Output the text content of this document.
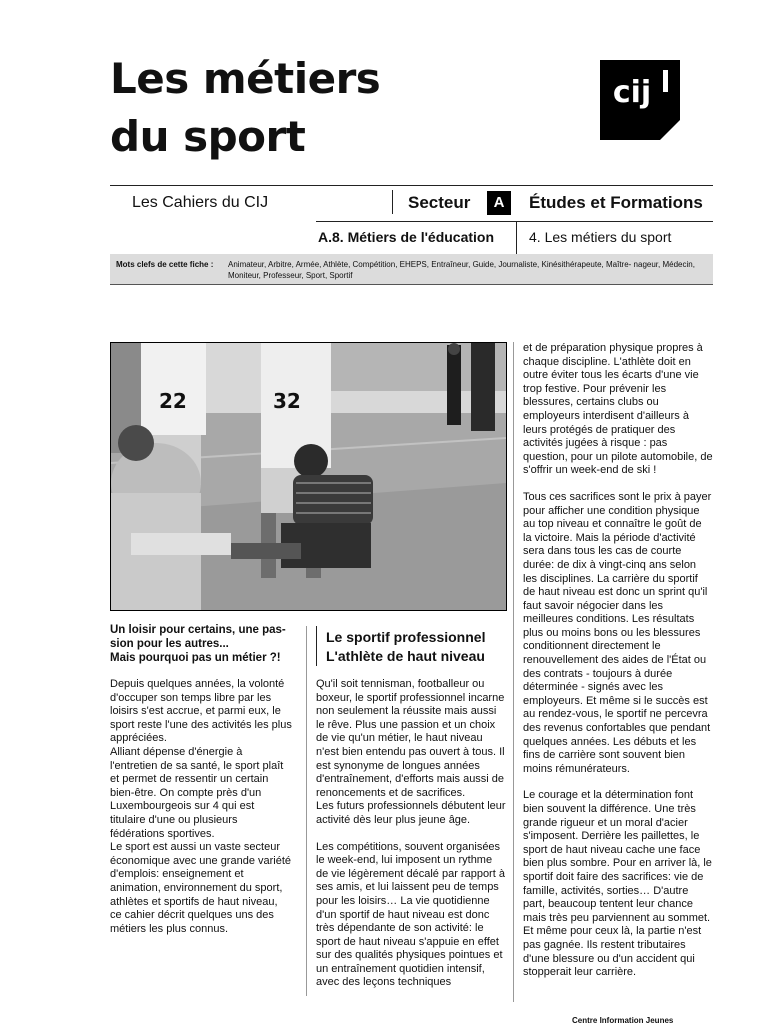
Les métiers
du sport
cij
Les Cahiers du CIJ	Secteur	A	Études et Formations
A.8. Métiers de l'éducation 4. Les métiers du sport
Mots clefs de cette fiche : Animateur, Arbitre, Armée, Athlète, Compétition, EHEPS, Entraîneur, Guide, Journaliste, Kinésithérapeute, Maître- nageur, Médecin, Moniteur, Professeur, Sport, Sportif
32
22

Un loisir pour certains, une pas-
sion pour les autres...
Mais pourquoi pas un métier ?!

Depuis quelques années, la volonté d'occuper son temps libre par les loisirs s'est accrue, et parmi eux, le sport reste l'une des activités les plus appréciées.

Alliant dépense d'énergie à l'entretien de sa santé, le sport plaît et permet de ressentir un certain bien-être. On compte près d'un Luxembourgeois sur 4 qui est titulaire d'une ou plusieurs fédérations sportives.

Le sport est aussi un vaste secteur économique avec une grande variété d'emplois: enseignement et animation, environnement du sport, athlètes et sportifs de haut niveau, ce cahier décrit quelques uns des métiers les plus connus.

Le sportif professionnel
L'athlète de haut niveau

Qu'il soit tennisman, footballeur ou boxeur, le sportif professionnel incarne non seulement la réussite mais aussi le rêve. Plus une passion et un choix de vie qu'un métier, le haut niveau n'est bien entendu pas ouvert à tous. Il est synonyme de longues années d'entraînement, d'efforts mais aussi de renoncements et de sacrifices.

Les futurs professionnels débutent leur activité dès leur plus jeune âge.

Les compétitions, souvent organisées le week-end, lui imposent un rythme de vie légèrement décalé par rapport à ses amis, et lui laissent peu de temps pour les loisirs… La vie quotidienne d'un sportif de haut niveau est donc très dépendante de son activité: le sport de haut niveau s'appuie en effet sur des qualités physiques pointues et un entraînement quotidien intensif, avec des leçons techniques

et de préparation physique propres à chaque discipline. L'athlète doit en outre éviter tous les écarts d'une vie trop festive. Pour prévenir les blessures, certains clubs ou employeurs interdisent d'ailleurs à leurs protégés de pratiquer des activités jugées à risque : pas question, pour un pilote automobile, de s'offrir un week-end de ski !

Tous ces sacrifices sont le prix à payer pour afficher une condition physique au top niveau et connaître le goût de la victoire. Mais la période d'activité sera dans tous les cas de courte durée: de dix à vingt-cinq ans selon les disciplines. La carrière du sportif de haut niveau est donc un sprint qu'il faut savoir négocier dans les meilleures conditions. Les résultats plus ou moins bons ou les blessures conditionnent directement le renouvellement des aides de l'État ou des contrats - toujours à durée déterminée - signés avec les employeurs. Et même si le succès est au rendez-vous, le sportif ne percevra des revenus confortables que pendant quelques années. Les débuts et les fins de carrière sont souvent bien moins rémunérateurs.

Le courage et la détermination font bien souvent la différence. Une très grande rigueur et un moral d'acier s'imposent. Derrière les paillettes, le sport de haut niveau cache une face bien plus sombre. Pour en arriver là, le sportif doit faire des sacrifices: vie de famille, activités, sorties… D'autre part, beaucoup tentent leur chance mais très peu parviennent au sommet. Et même pour ceux là, la partie n'est pas gagnée. Ils restent tributaires d'une blessure ou d'un accident qui stopperait leur carrière.

Centre Information Jeunes
